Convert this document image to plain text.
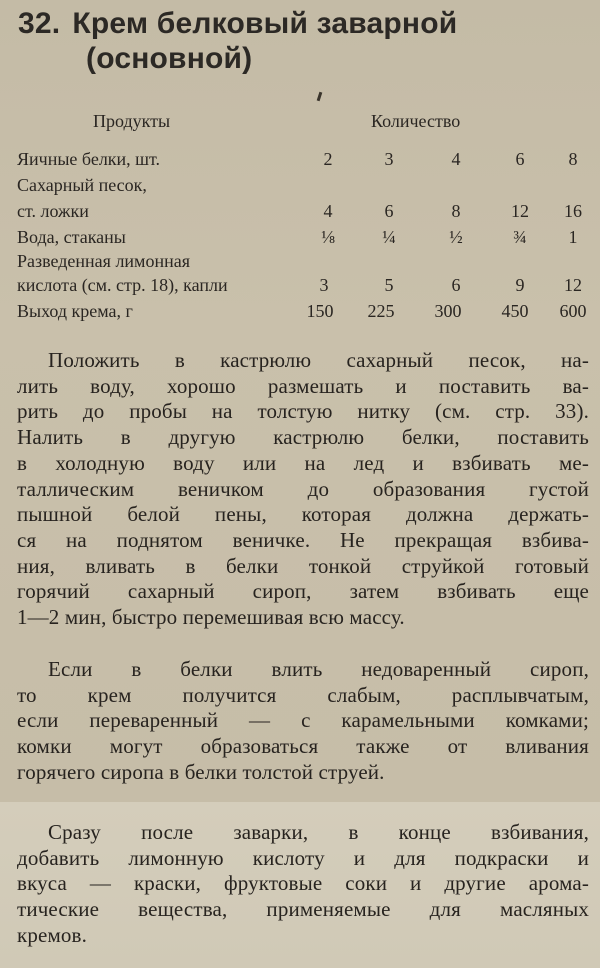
32. Крем белковый заварной
(основной)
Продукты	Количество
Яичные белки, шт.	2	3	4	6	8
Сахарный песок,
ст. ложки	4	6	8	12	16
Вода, стаканы	⅛	¼	½	¾	1
Разведенная лимонная
кислота (см. стр. 18), капли	3	5	6	9	12
Выход крема, г	150	225	300	450	600
Положить в кастрюлю сахарный песок, на-
лить воду, хорошо размешать и поставить ва-
рить до пробы на толстую нитку (см. стр. 33).
Налить в другую кастрюлю белки, поставить
в холодную воду или на лед и взбивать ме-
таллическим веничком до образования густой
пышной белой пены, которая должна держать-
ся на поднятом веничке. Не прекращая взбива-
ния, вливать в белки тонкой струйкой готовый
горячий сахарный сироп, затем взбивать еще
1—2 мин, быстро перемешивая всю массу.
Если в белки влить недоваренный сироп,
то крем получится слабым, расплывчатым,
если переваренный — с карамельными комками;
комки могут образоваться также от вливания
горячего сиропа в белки толстой струей.
Сразу после заварки, в конце взбивания,
добавить лимонную кислоту и для подкраски и
вкуса — краски, фруктовые соки и другие арома-
тические вещества, применяемые для масляных
кремов.
